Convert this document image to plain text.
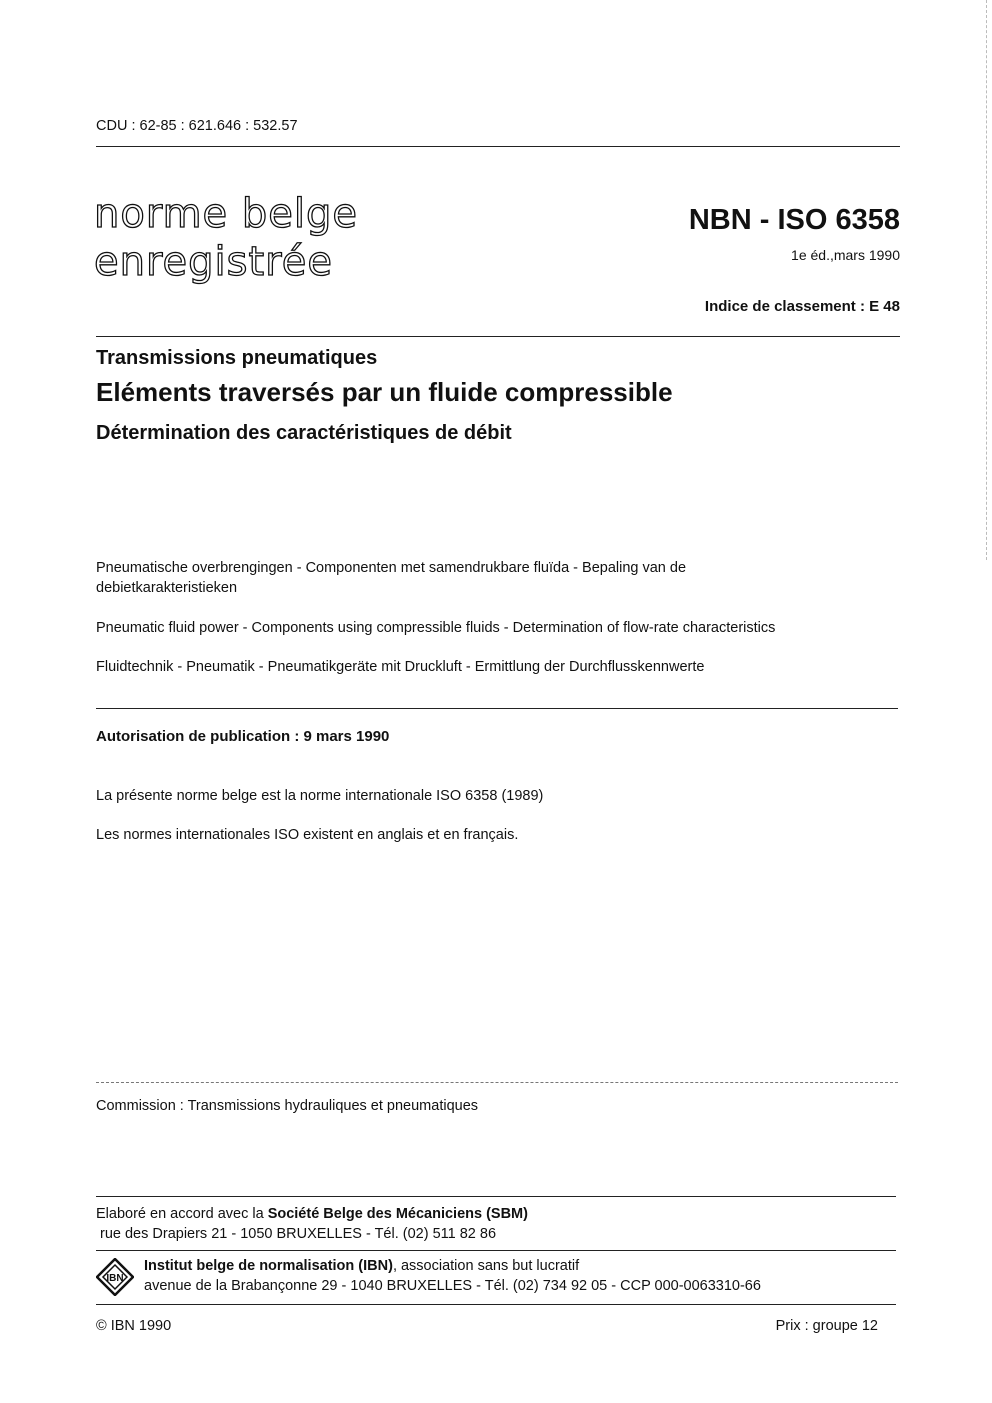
CDU : 62-85 : 621.646 : 532.57
norme belge
enregistrée
NBN - ISO 6358
1e éd.,mars 1990
Indice de classement : E 48
Transmissions pneumatiques
Eléments traversés par un fluide compressible
Détermination des caractéristiques de débit
Pneumatische overbrengingen - Componenten met samendrukbare fluïda - Bepaling van de
debietkarakteristieken
Pneumatic fluid power - Components using compressible fluids - Determination of flow-rate characteristics
Fluidtechnik - Pneumatik - Pneumatikgeräte mit Druckluft - Ermittlung der Durchflusskennwerte
Autorisation de publication : 9 mars 1990
La présente norme belge est la norme internationale ISO 6358 (1989)
Les normes internationales ISO existent en anglais et en français.
Commission : Transmissions hydrauliques et pneumatiques
Elaboré en accord avec la Société Belge des Mécaniciens (SBM)
rue des Drapiers 21 - 1050 BRUXELLES - Tél. (02) 511 82 86
IBN
Institut belge de normalisation (IBN), association sans but lucratif
avenue de la Brabançonne 29 - 1040 BRUXELLES - Tél. (02) 734 92 05 - CCP 000-0063310-66
© IBN 1990	Prix : groupe 12
